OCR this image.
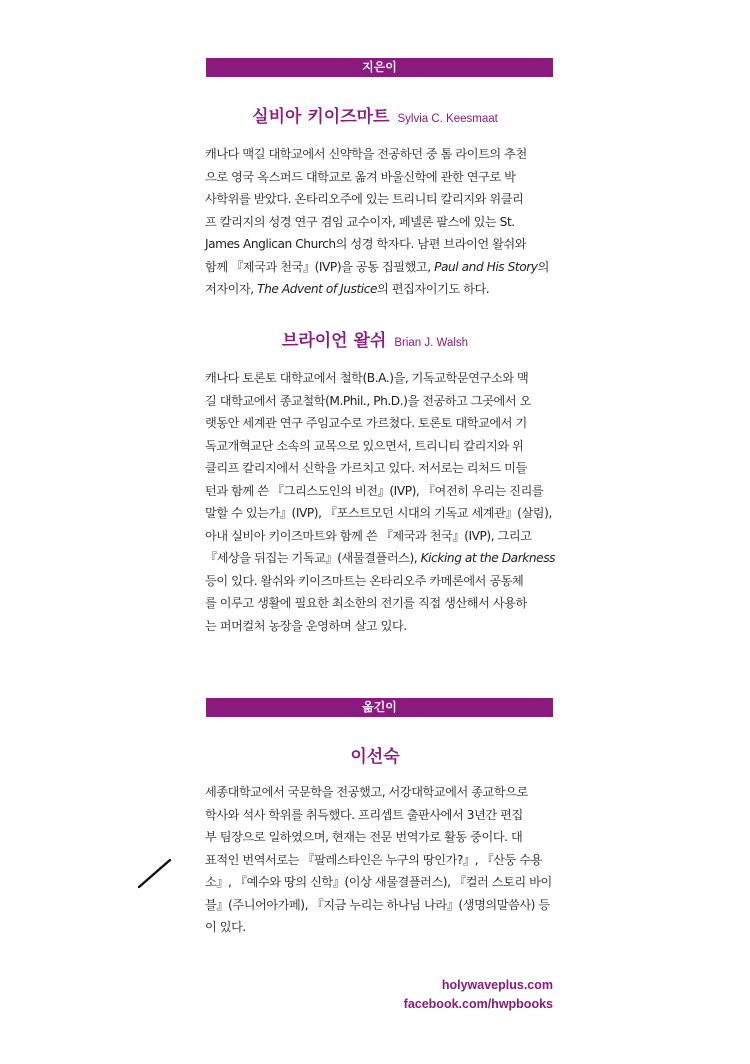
지은이
실비아 키이즈마트 Sylvia C. Keesmaat
캐나다 맥길 대학교에서 신약학을 전공하던 중 톰 라이트의 추천
으로 영국 옥스퍼드 대학교로 옮겨 바울신학에 관한 연구로 박
사학위를 받았다. 온타리오주에 있는 트리니티 칼리지와 위클리
프 칼리지의 성경 연구 겸임 교수이자, 페넬론 팔스에 있는 St.
James Anglican Church의 성경 학자다. 남편 브라이언 왈쉬와
함께 『제국과 천국』(IVP)을 공동 집필했고, Paul and His Story의
저자이자, The Advent of Justice의 편집자이기도 하다.
브라이언 왈쉬 Brian J. Walsh
캐나다 토론토 대학교에서 철학(B.A.)을, 기독교학문연구소와 맥
길 대학교에서 종교철학(M.Phil., Ph.D.)을 전공하고 그곳에서 오
랫동안 세계관 연구 주임교수로 가르쳤다. 토론토 대학교에서 기
독교개혁교단 소속의 교목으로 있으면서, 트리니티 칼리지와 위
클리프 칼리지에서 신학을 가르치고 있다. 저서로는 리처드 미들
턴과 함께 쓴 『그리스도인의 비전』(IVP), 『여전히 우리는 진리를
말할 수 있는가』(IVP), 『포스트모던 시대의 기독교 세계관』(살림),
아내 실비아 키이즈마트와 함께 쓴 『제국과 천국』(IVP), 그리고
『세상을 뒤집는 기독교』(새물결플러스), Kicking at the Darkness
등이 있다. 왈쉬와 키이즈마트는 온타리오주 카메론에서 공동체
를 이루고 생활에 필요한 최소한의 전기를 직접 생산해서 사용하
는 퍼머컬처 농장을 운영하며 살고 있다.
옮긴이
이선숙
세종대학교에서 국문학을 전공했고, 서강대학교에서 종교학으로
학사와 석사 학위를 취득했다. 프리셉트 출판사에서 3년간 편집
부 팀장으로 일하였으며, 현재는 전문 번역가로 활동 중이다. 대
표적인 번역서로는 『팔레스타인은 누구의 땅인가?』, 『산둥 수용
소』, 『예수와 땅의 신학』(이상 새물결플러스), 『컬러 스토리 바이
블』(주니어아가페), 『지금 누리는 하나님 나라』(생명의말씀사) 등
이 있다.
holywaveplus.com
facebook.com/hwpbooks
